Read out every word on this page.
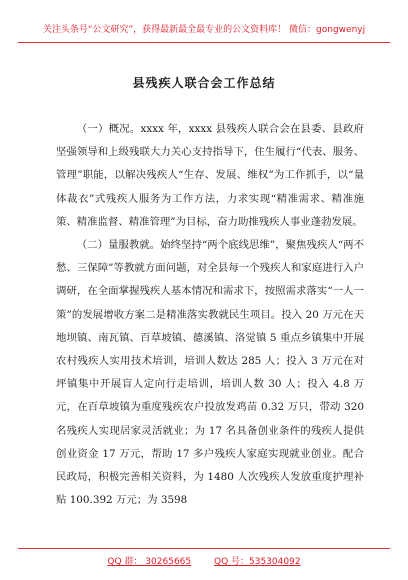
关注头条号“公文研究”，获得最新最全最专业的公文资料库！ 微信：gongwenyj
县残疾人联合会工作总结

（一）概况。xxxx 年，xxxx 县残疾人联合会在县委、县政府坚强领导和上级残联大力关心支持指导下，住生履行“代表、服务、管理”职能，以解决残疾人“生存、发展、维权”为工作抓手，以“量体裁衣”式残疾人服务为工作方法，力求实现“精准需求、精准施策、精准监督、精准管理”为目标，奋力助推残疾人事业蓬勃发展。

（二）量服教就。始终坚持“两个底线思维”，聚焦残疾人“两不愁、三保障”等教就方面问题，对全县每一个残疾人和家庭进行入户调研，在全面掌握残疾人基本情况和需求下，按照需求落实“一人一策”的发展增收方案二是精准落实教就民生项目。投入 20 万元在天地坝镇、南瓦镇、百草坡镇、德溪镇、洛觉镇 5 重点乡镇集中开展农村残疾人实用技术培训，培训人数达 285 人；投入 3 万元在对坪镇集中开展盲人定向行走培训，培训人数 30 人；投入 4.8 万元，在百草坡镇为重度残疾农户投放发鸡苗 0.32 万只，带动 320 名残疾人实现居家灵活就业；为 17 名具备创业条件的残疾人提供创业资金 17 万元，帮助 17 多户残疾人家庭实现就业创业。配合民政局，积极完善相关资料，为 1480 人次残疾人发放重度护理补贴 100.392 万元；为 3598

QQ 群： 30265665	QQ 号：535304092
